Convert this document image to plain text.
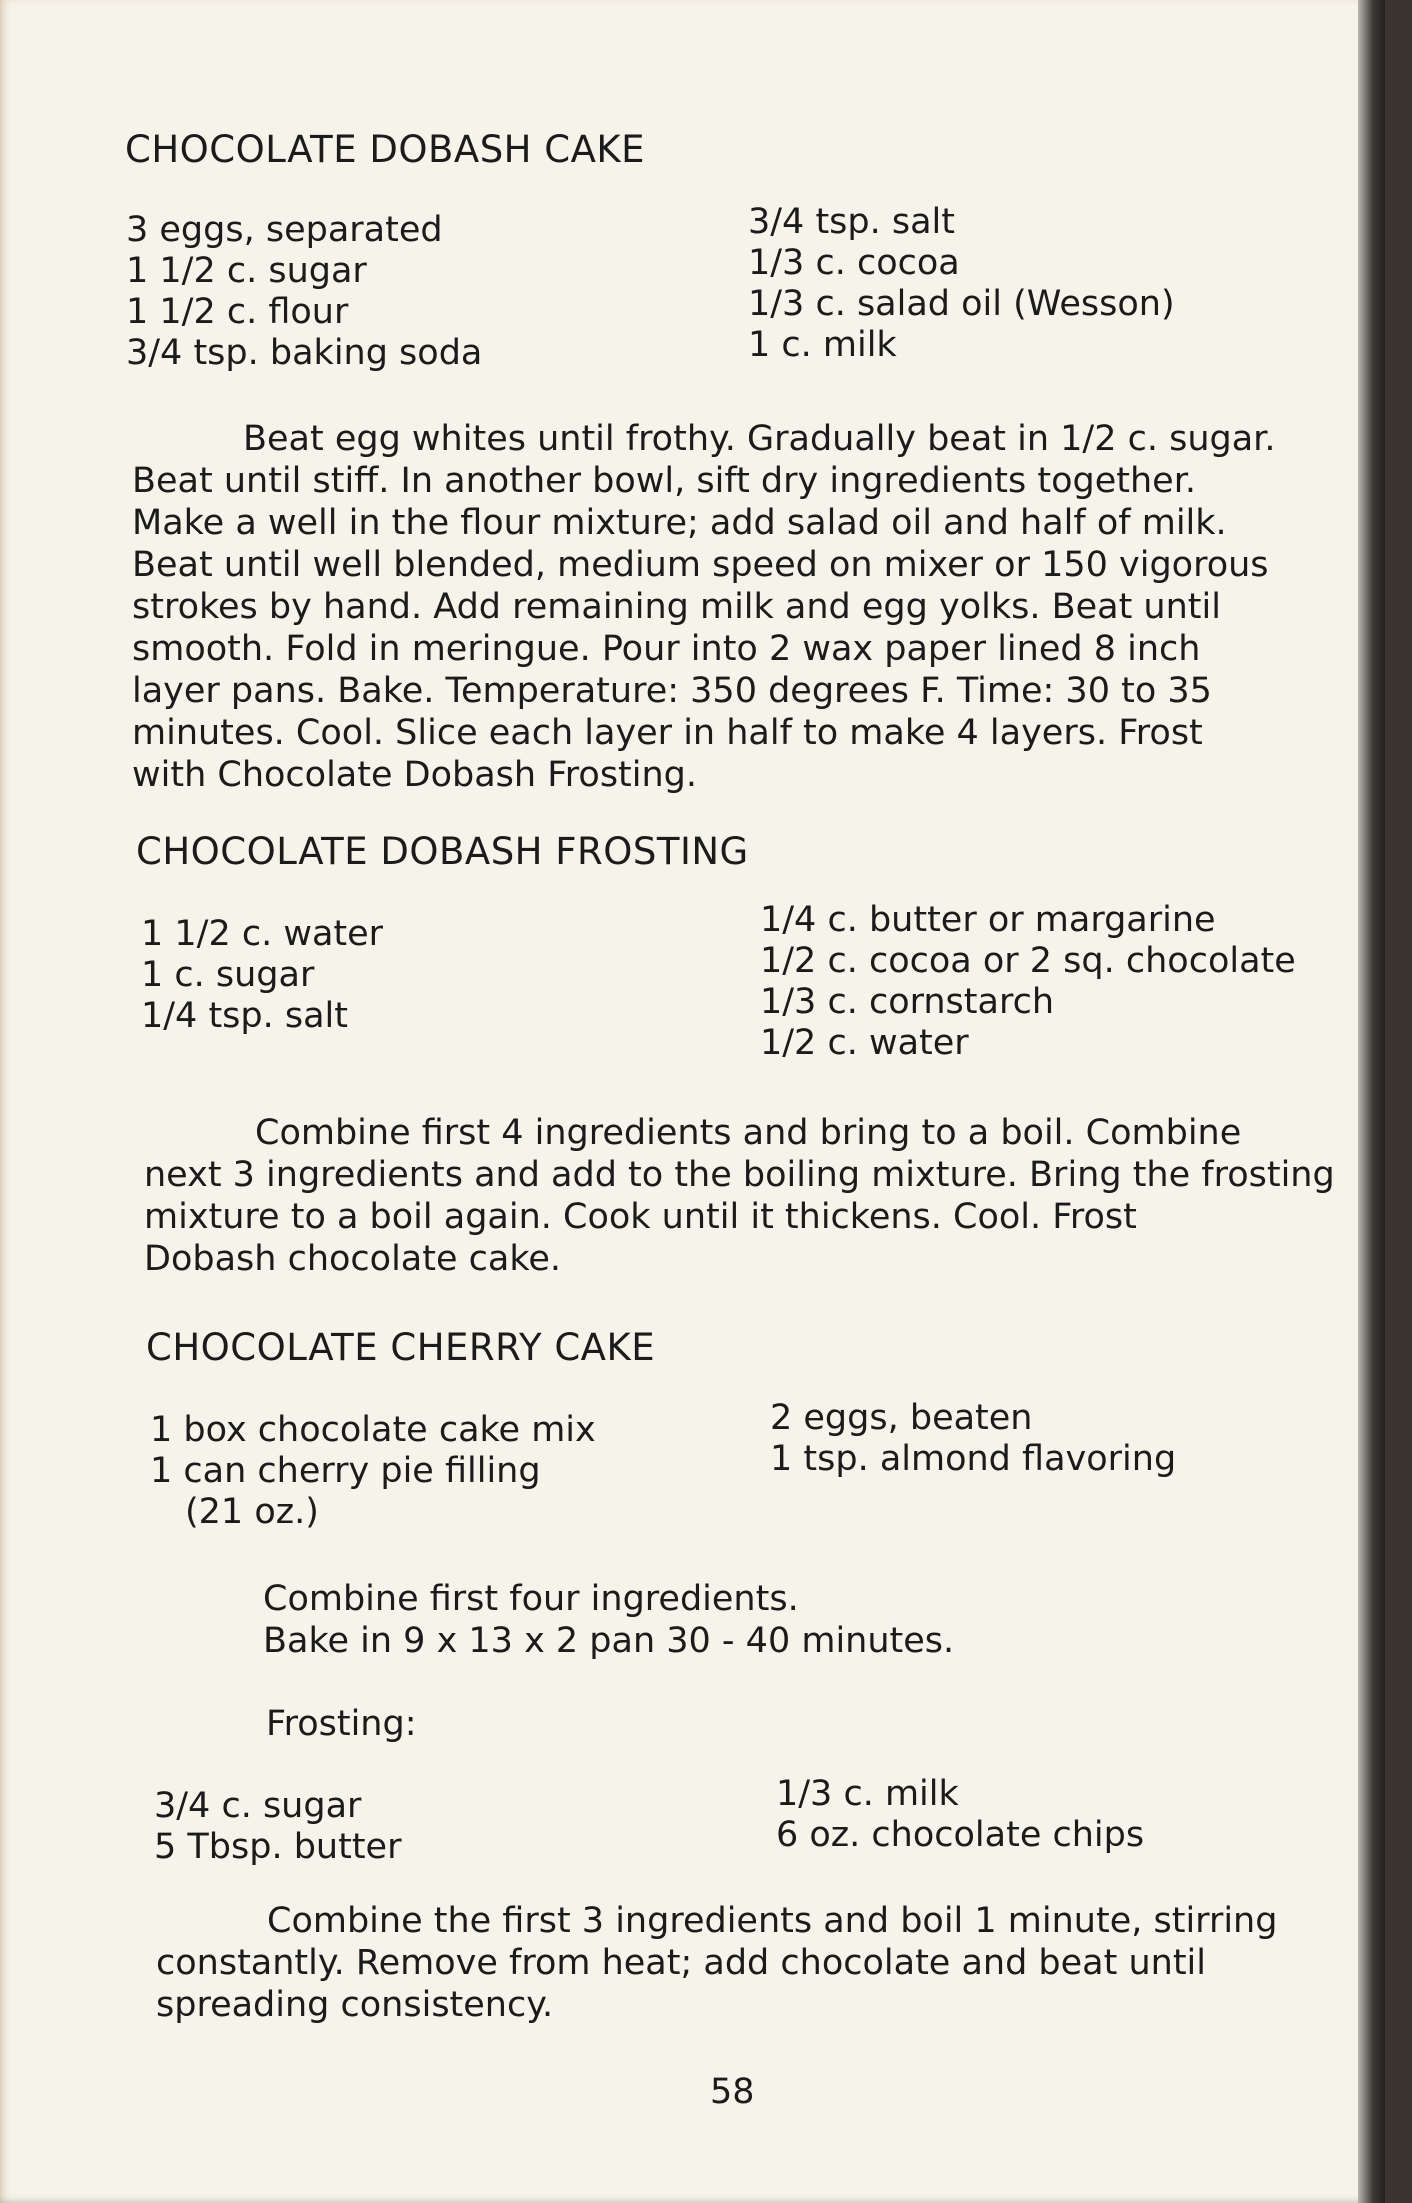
CHOCOLATE DOBASH CAKE
3 eggs, separated
1 1/2 c. sugar
1 1/2 c. flour
3/4 tsp. baking soda
3/4 tsp. salt
1/3 c. cocoa
1/3 c. salad oil (Wesson)
1 c. milk
Beat egg whites until frothy. Gradually beat in 1/2 c. sugar.
Beat until stiff. In another bowl, sift dry ingredients together.
Make a well in the flour mixture; add salad oil and half of milk.
Beat until well blended, medium speed on mixer or 150 vigorous
strokes by hand. Add remaining milk and egg yolks. Beat until
smooth. Fold in meringue. Pour into 2 wax paper lined 8 inch
layer pans. Bake. Temperature: 350 degrees F. Time: 30 to 35
minutes. Cool. Slice each layer in half to make 4 layers. Frost
with Chocolate Dobash Frosting.
CHOCOLATE DOBASH FROSTING
1 1/2 c. water
1 c. sugar
1/4 tsp. salt
1/4 c. butter or margarine
1/2 c. cocoa or 2 sq. chocolate
1/3 c. cornstarch
1/2 c. water
Combine first 4 ingredients and bring to a boil. Combine
next 3 ingredients and add to the boiling mixture. Bring the frosting
mixture to a boil again. Cook until it thickens. Cool. Frost
Dobash chocolate cake.
CHOCOLATE CHERRY CAKE
1 box chocolate cake mix
1 can cherry pie filling
(21 oz.)
2 eggs, beaten
1 tsp. almond flavoring
Combine first four ingredients.
Bake in 9 x 13 x 2 pan 30 - 40 minutes.
Frosting:
3/4 c. sugar
5 Tbsp. butter
1/3 c. milk
6 oz. chocolate chips
Combine the first 3 ingredients and boil 1 minute, stirring
constantly. Remove from heat; add chocolate and beat until
spreading consistency.
58
